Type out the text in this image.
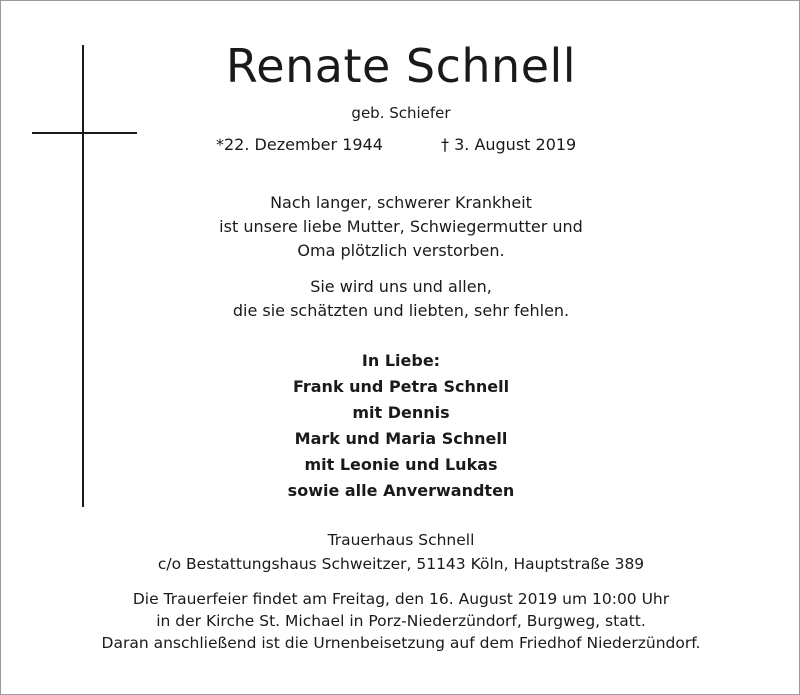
Renate Schnell
geb. Schiefer
*22. Dezember 1944	† 3. August 2019
Nach langer, schwerer Krankheit
ist unsere liebe Mutter, Schwiegermutter und
Oma plötzlich verstorben.
Sie wird uns und allen,
die sie schätzten und liebten, sehr fehlen.
In Liebe:
Frank und Petra Schnell
mit Dennis
Mark und Maria Schnell
mit Leonie und Lukas
sowie alle Anverwandten
Trauerhaus Schnell
c/o Bestattungshaus Schweitzer, 51143 Köln, Hauptstraße 389
Die Trauerfeier findet am Freitag, den 16. August 2019 um 10:00 Uhr
in der Kirche St. Michael in Porz-Niederzündorf, Burgweg, statt.
Daran anschließend ist die Urnenbeisetzung auf dem Friedhof Niederzündorf.
